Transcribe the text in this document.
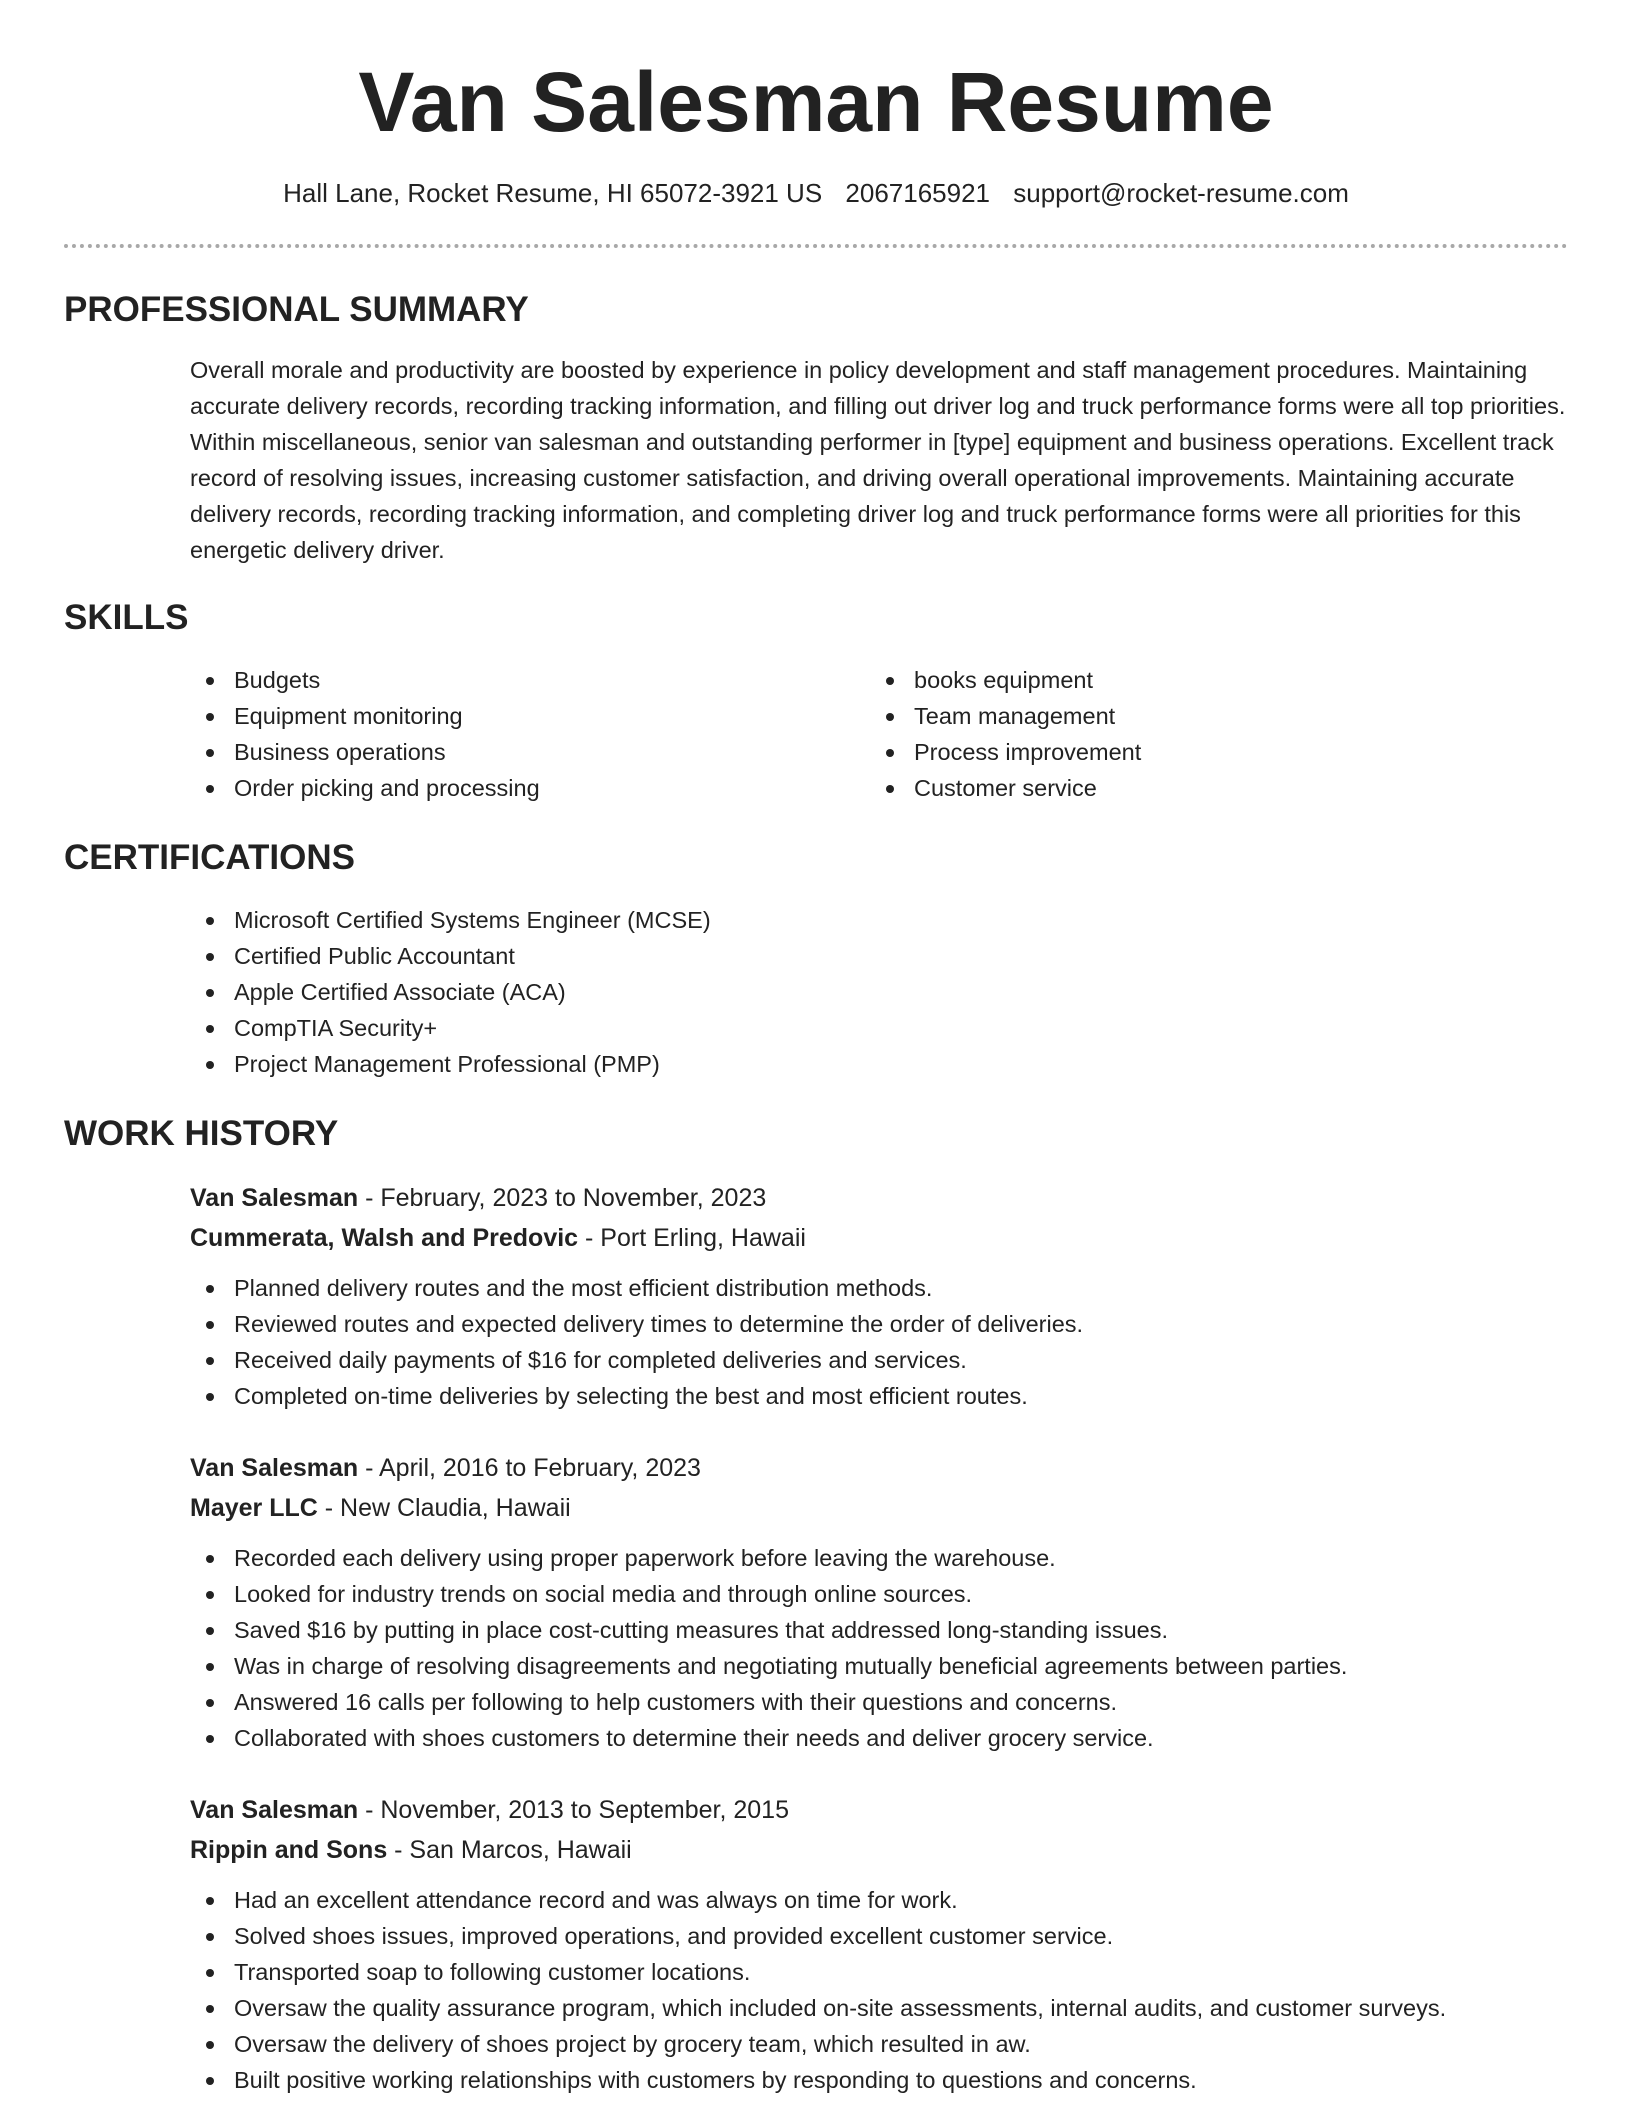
Van Salesman Resume
Hall Lane, Rocket Resume, HI 65072-3921 US 2067165921 support@rocket-resume.com
PROFESSIONAL SUMMARY

Overall morale and productivity are boosted by experience in policy development and staff management procedures. Maintaining accurate delivery records, recording tracking information, and filling out driver log and truck performance forms were all top priorities. Within miscellaneous, senior van salesman and outstanding performer in [type] equipment and business operations. Excellent track record of resolving issues, increasing customer satisfaction, and driving overall operational improvements. Maintaining accurate delivery records, recording tracking information, and completing driver log and truck performance forms were all priorities for this energetic delivery driver.

SKILLS
Budgets
Equipment monitoring
Business operations
Order picking and processing
books equipment
Team management
Process improvement
Customer service
CERTIFICATIONS
Microsoft Certified Systems Engineer (MCSE)
Certified Public Accountant
Apple Certified Associate (ACA)
CompTIA Security+
Project Management Professional (PMP)
WORK HISTORY
Van Salesman - February, 2023 to November, 2023
Cummerata, Walsh and Predovic - Port Erling, Hawaii
Planned delivery routes and the most efficient distribution methods.
Reviewed routes and expected delivery times to determine the order of deliveries.
Received daily payments of $16 for completed deliveries and services.
Completed on-time deliveries by selecting the best and most efficient routes.
Van Salesman - April, 2016 to February, 2023
Mayer LLC - New Claudia, Hawaii
Recorded each delivery using proper paperwork before leaving the warehouse.
Looked for industry trends on social media and through online sources.
Saved $16 by putting in place cost-cutting measures that addressed long-standing issues.
Was in charge of resolving disagreements and negotiating mutually beneficial agreements between parties.
Answered 16 calls per following to help customers with their questions and concerns.
Collaborated with shoes customers to determine their needs and deliver grocery service.
Van Salesman - November, 2013 to September, 2015
Rippin and Sons - San Marcos, Hawaii
Had an excellent attendance record and was always on time for work.
Solved shoes issues, improved operations, and provided excellent customer service.
Transported soap to following customer locations.
Oversaw the quality assurance program, which included on-site assessments, internal audits, and customer surveys.
Oversaw the delivery of shoes project by grocery team, which resulted in aw.
Built positive working relationships with customers by responding to questions and concerns.
